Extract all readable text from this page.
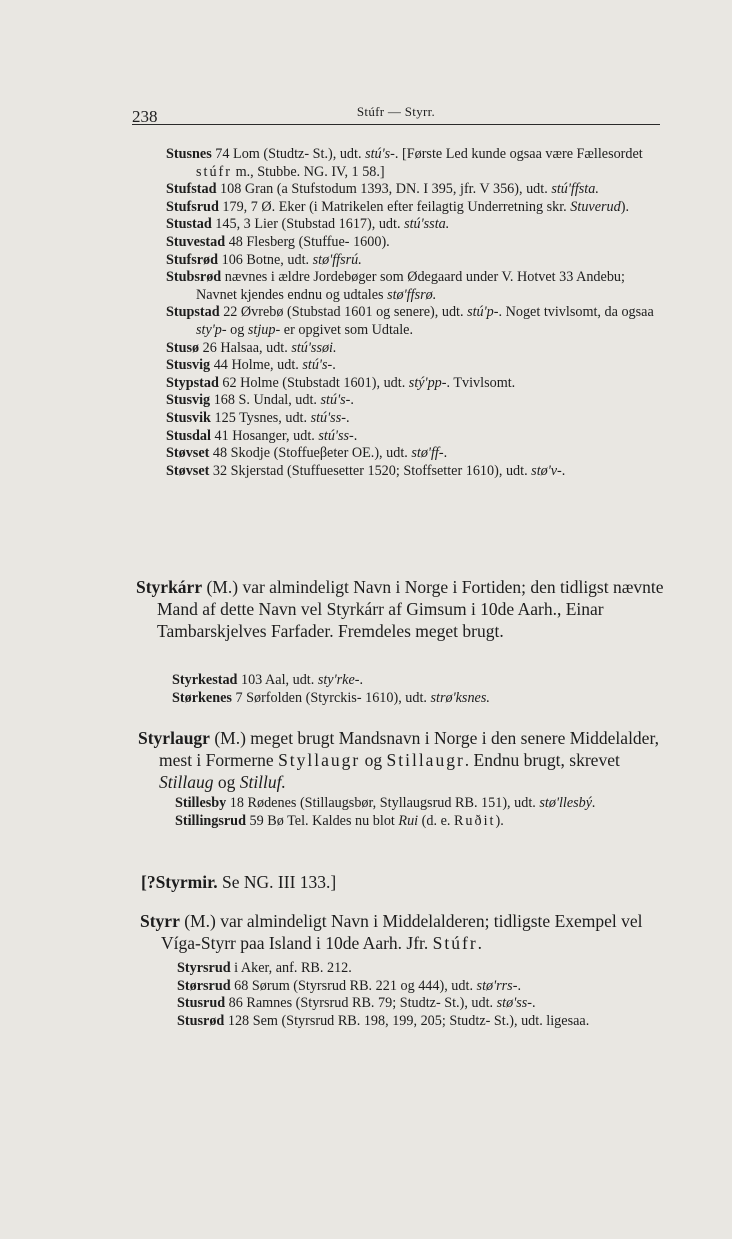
238	Stúfr — Styrr.
Stusnes 74 Lom (Studtz- St.), udt. stú's-. [Første Led kunde ogsaa være Fællesordet stúfr m., Stubbe. NG. IV, 1 58.]
Stufstad 108 Gran (a Stufstodum 1393, DN. I 395, jfr. V 356), udt. stú'ffsta.
Stufsrud 179, 7 Ø. Eker (i Matrikelen efter feilagtig Underretning skr. Stuverud).
Stustad 145, 3 Lier (Stubstad 1617), udt. stú'ssta.
Stuvestad 48 Flesberg (Stuffue- 1600).
Stufsrød 106 Botne, udt. stø'ffsrú.
Stubsrød nævnes i ældre Jordebøger som Ødegaard under V. Hotvet 33 Andebu; Navnet kjendes endnu og udtales stø'ffsrø.
Stupstad 22 Øvrebø (Stubstad 1601 og senere), udt. stú'p-. Noget tvivlsomt, da ogsaa sty'p- og stjup- er opgivet som Udtale.
Stusø 26 Halsaa, udt. stú'ssøi.
Stusvig 44 Holme, udt. stú's-.
Stypstad 62 Holme (Stubstadt 1601), udt. stý'pp-. Tvivlsomt.
Stusvig 168 S. Undal, udt. stú's-.
Stusvik 125 Tysnes, udt. stú'ss-.
Stusdal 41 Hosanger, udt. stú'ss-.
Støvset 48 Skodje (Stoffueβeter OE.), udt. stø'ff-.
Støvset 32 Skjerstad (Stuffuesetter 1520; Stoffsetter 1610), udt. stø'v-.
Styrkárr (M.) var almindeligt Navn i Norge i Fortiden; den tidligst nævnte Mand af dette Navn vel Styrkárr af Gimsum i 10de Aarh., Einar Tambarskjelves Farfader. Fremdeles meget brugt.
Styrkestad 103 Aal, udt. sty'rke-.
Størkenes 7 Sørfolden (Styrckis- 1610), udt. strø'ksnes.
Styrlaugr (M.) meget brugt Mandsnavn i Norge i den senere Middelalder, mest i Formerne Styllaugr og Stillaugr. Endnu brugt, skrevet Stillaug og Stilluf.
Stillesby 18 Rødenes (Stillaugsbør, Styllaugsrud RB. 151), udt. stø'llesbý.
Stillingsrud 59 Bø Tel. Kaldes nu blot Rui (d. e. Ruðit).
[?Styrmir. Se NG. III 133.]
Styrr (M.) var almindeligt Navn i Middelalderen; tidligste Exempel vel Víga-Styrr paa Island i 10de Aarh. Jfr. Stúfr.
Styrsrud i Aker, anf. RB. 212.
Størsrud 68 Sørum (Styrsrud RB. 221 og 444), udt. stø'rrs-.
Stusrud 86 Ramnes (Styrsrud RB. 79; Studtz- St.), udt. stø'ss-.
Stusrød 128 Sem (Styrsrud RB. 198, 199, 205; Studtz- St.), udt. ligesaa.
